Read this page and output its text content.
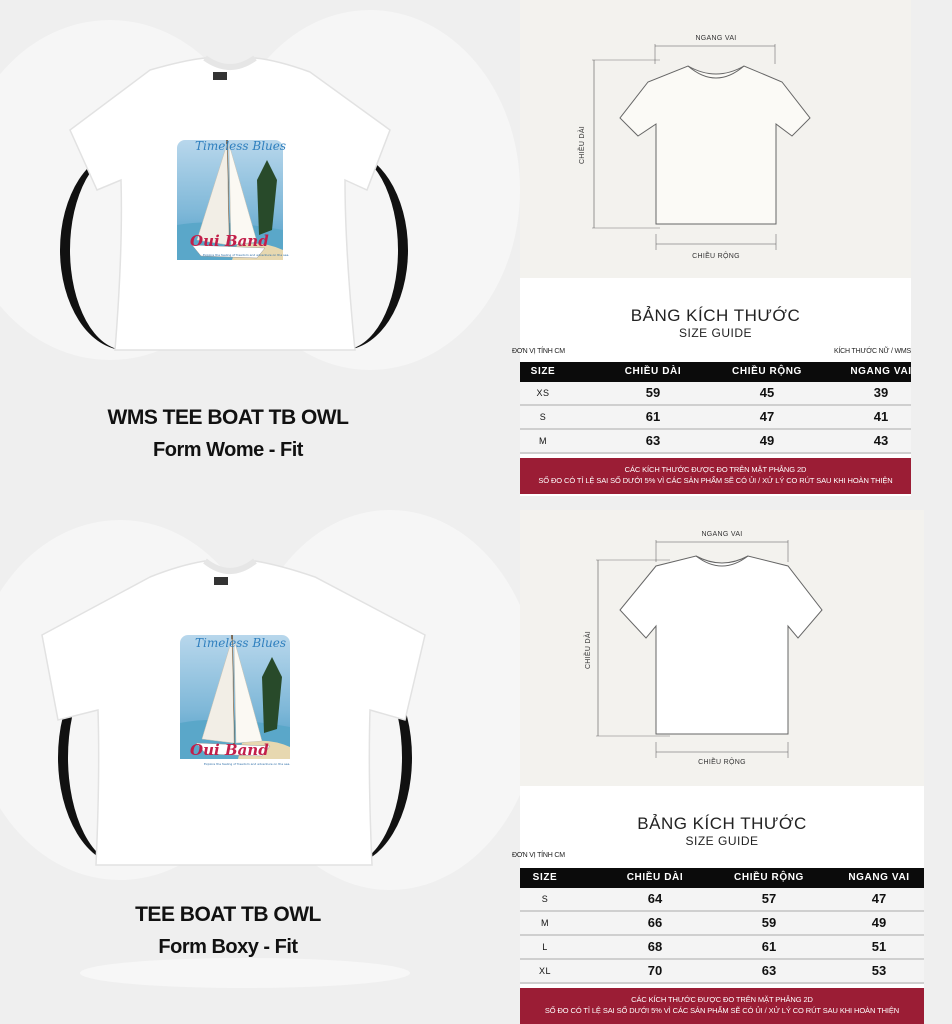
Timeless Blues
Oui Band
Explore the feeling of freedom and adventure on the sea.
WMS TEE BOAT TB OWL
Form Wome - Fit
Timeless Blues
Oui Band
Explore the feeling of freedom and adventure on the sea.
TEE BOAT TB OWL
Form Boxy - Fit
NGANG VAI
CHIỀU DÀI
CHIỀU RỘNG
BẢNG KÍCH THƯỚC
SIZE GUIDE
ĐƠN VỊ TÍNH CM	KÍCH THƯỚC NỮ / WMS
SIZE	CHIỀU DÀI	CHIỀU RỘNG	NGANG VAI
XS	59	45	39
S	61	47	41
M	63	49	43
CÁC KÍCH THƯỚC ĐƯỢC ĐO TRÊN MẶT PHẲNG 2D
SỐ ĐO CÓ TỈ LỆ SAI SỐ DƯỚI 5% VÌ CÁC SẢN PHẨM SẼ CÓ ỦI / XỬ LÝ CO RÚT SAU KHI HOÀN THIỆN
NGANG VAI
CHIỀU DÀI
CHIỀU RỘNG
BẢNG KÍCH THƯỚC
SIZE GUIDE
ĐƠN VỊ TÍNH CM
SIZE	CHIỀU DÀI	CHIỀU RỘNG	NGANG VAI
S	64	57	47
M	66	59	49
L	68	61	51
XL	70	63	53
CÁC KÍCH THƯỚC ĐƯỢC ĐO TRÊN MẶT PHẲNG 2D
SỐ ĐO CÓ TỈ LỆ SAI SỐ DƯỚI 5% VÌ CÁC SẢN PHẨM SẼ CÓ ỦI / XỬ LÝ CO RÚT SAU KHI HOÀN THIỆN
